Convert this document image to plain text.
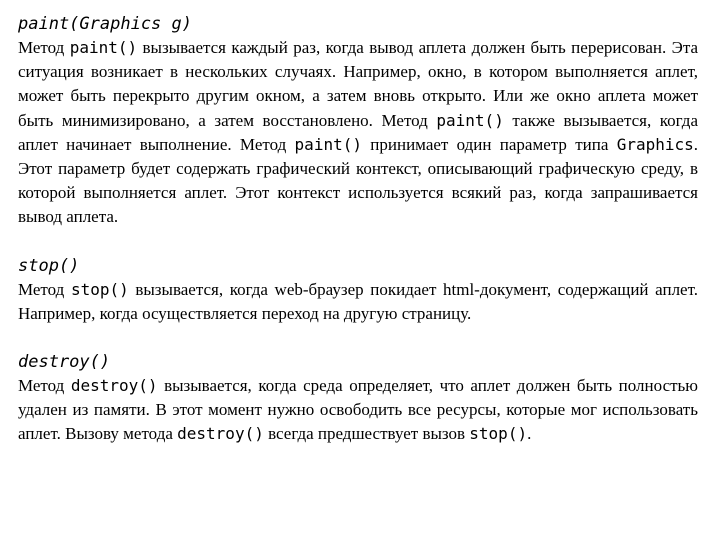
paint(Graphics g)

Метод paint() вызывается каждый раз, когда вывод аплета должен быть перерисован. Эта ситуация возникает в нескольких случаях. Например, окно, в котором выполняется аплет, может быть перекрыто другим окном, а затем вновь открыто. Или же окно аплета может быть минимизировано, а затем восстановлено. Метод paint() также вызывается, когда аплет начинает выполнение. Метод paint() принимает один параметр типа Graphics. Этот параметр будет содержать графический контекст, описывающий графическую среду, в которой выполняется аплет. Этот контекст используется всякий раз, когда запрашивается вывод аплета.

stop()

Метод stop() вызывается, когда web-браузер покидает html-документ, содержащий аплет. Например, когда осуществляется переход на другую страницу.

destroy()

Метод destroy() вызывается, когда среда определяет, что аплет должен быть полностью удален из памяти. В этот момент нужно освободить все ресурсы, которые мог использовать аплет. Вызову метода destroy() всегда предшествует вызов stop().
